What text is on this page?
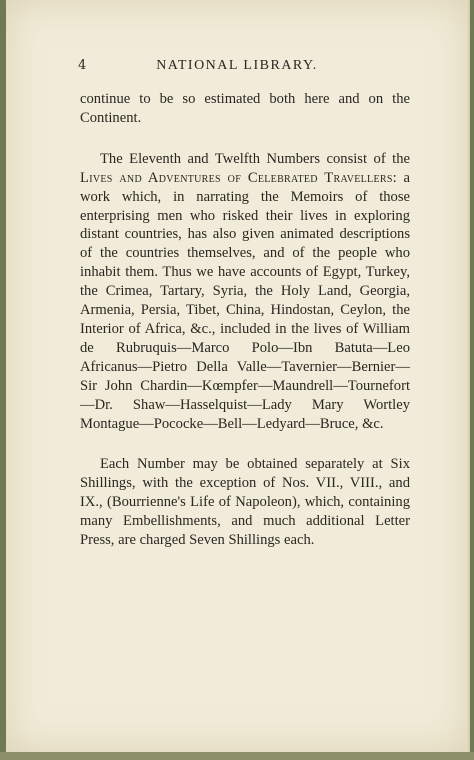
4	NATIONAL LIBRARY.

continue to be so estimated both here and on the Continent.

The Eleventh and Twelfth Numbers consist of the Lives and Adventures of Celebrated Travellers: a work which, in narrating the Memoirs of those enterprising men who risked their lives in exploring distant countries, has also given animated descriptions of the countries themselves, and of the people who inhabit them. Thus we have accounts of Egypt, Turkey, the Crimea, Tartary, Syria, the Holy Land, Georgia, Armenia, Persia, Tibet, China, Hindostan, Ceylon, the Interior of Africa, &c., included in the lives of William de Rubruquis—Marco Polo—Ibn Batuta—Leo Africanus—Pietro Della Valle—Tavernier—Bernier—Sir John Chardin—Kœmpfer—Maundrell—Tournefort—Dr. Shaw—Hasselquist—Lady Mary Wortley Montague—Pococke—Bell—Ledyard—Bruce, &c.

Each Number may be obtained separately at Six Shillings, with the exception of Nos. VII., VIII., and IX., (Bourrienne's Life of Napoleon), which, containing many Embellishments, and much additional Letter Press, are charged Seven Shillings each.
